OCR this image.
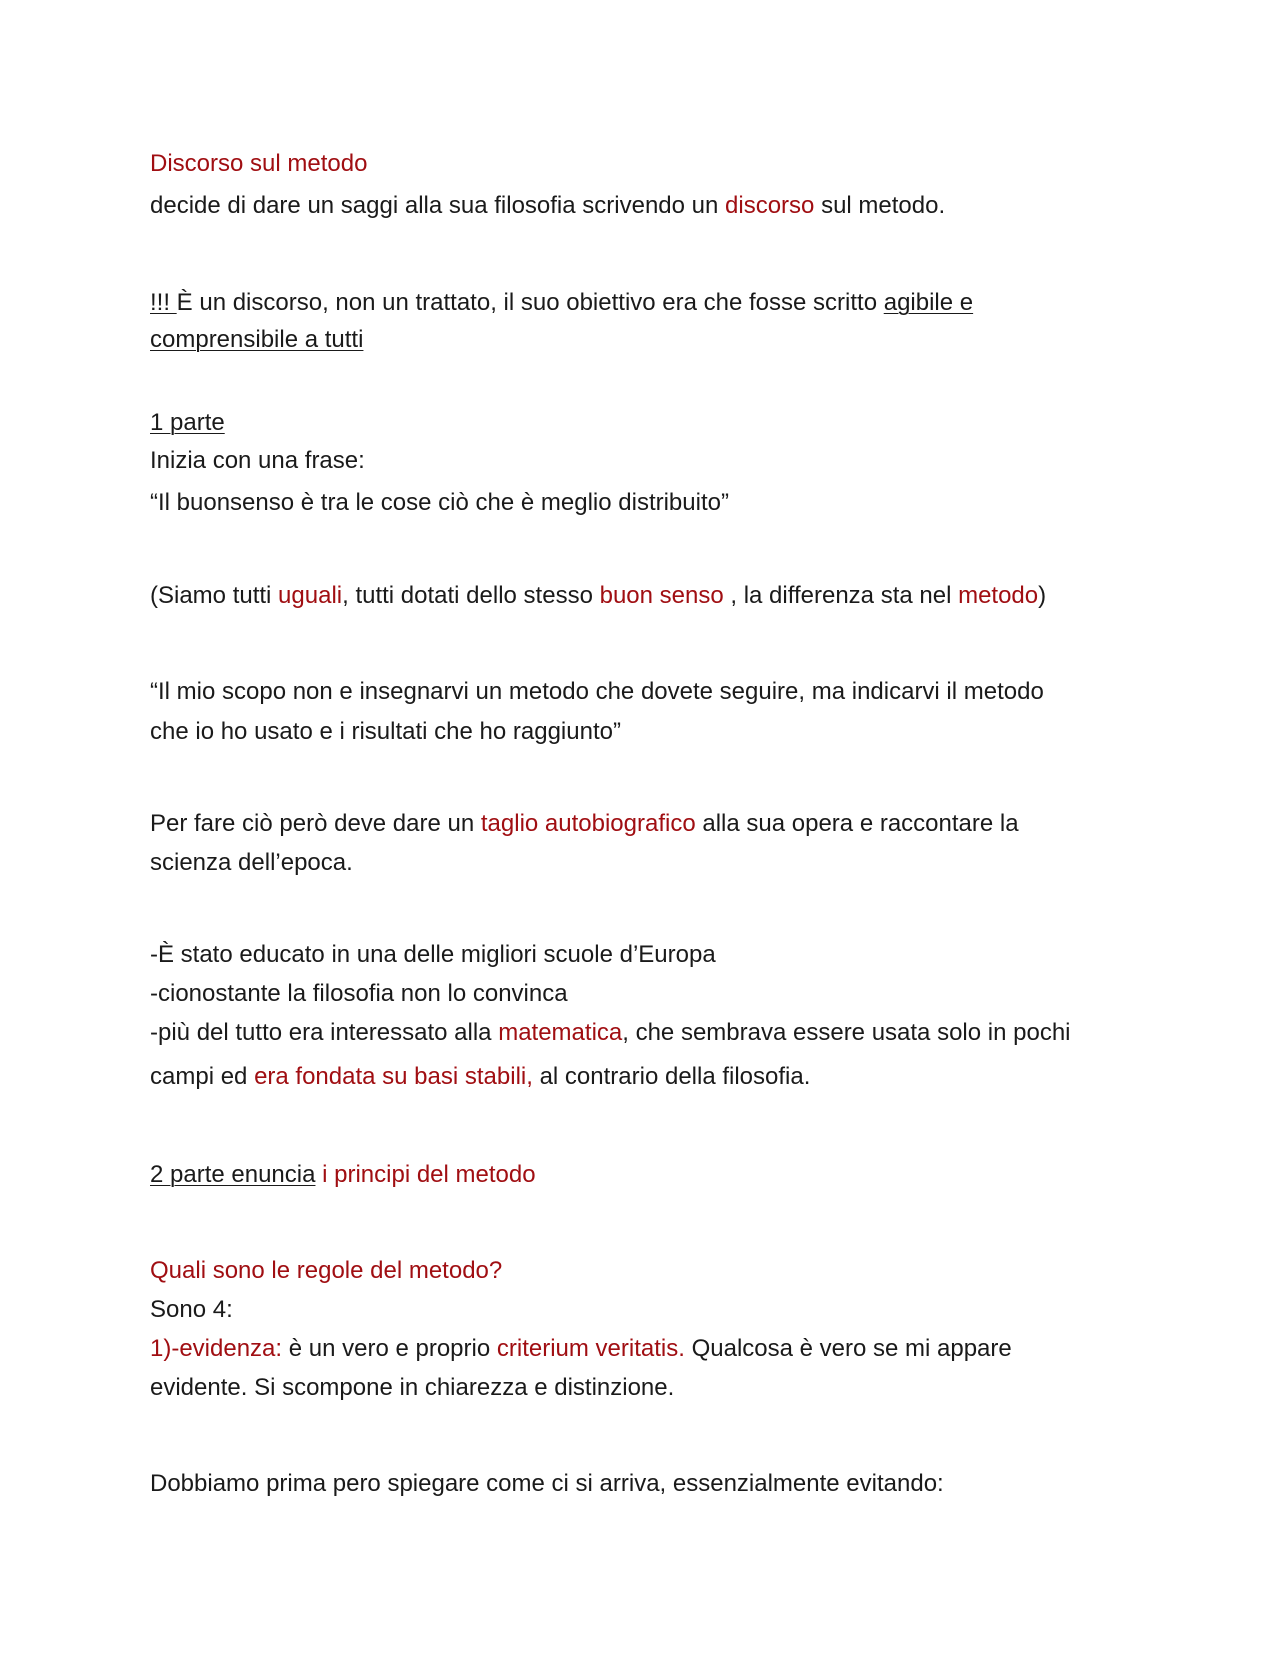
Discorso sul metodo
decide di dare un saggi alla sua filosofia scrivendo un discorso sul metodo.
!!! È un discorso, non un trattato, il suo obiettivo era che fosse scritto agibile e
comprensibile a tutti
1 parte
Inizia con una frase:
“Il buonsenso è tra le cose ciò che è meglio distribuito”
(Siamo tutti uguali, tutti dotati dello stesso buon senso , la differenza sta nel metodo)
“Il mio scopo non e insegnarvi un metodo che dovete seguire, ma indicarvi il metodo
che io ho usato e i risultati che ho raggiunto”
Per fare ciò però deve dare un taglio autobiografico alla sua opera e raccontare la
scienza dell’epoca.
-È stato educato in una delle migliori scuole d’Europa
-cionostante la filosofia non lo convinca
-più del tutto era interessato alla matematica, che sembrava essere usata solo in pochi
campi ed era fondata su basi stabili, al contrario della filosofia.
2 parte enuncia i principi del metodo
Quali sono le regole del metodo?
Sono 4:
1)-evidenza: è un vero e proprio criterium veritatis. Qualcosa è vero se mi appare
evidente. Si scompone in chiarezza e distinzione.
Dobbiamo prima pero spiegare come ci si arriva, essenzialmente evitando:
